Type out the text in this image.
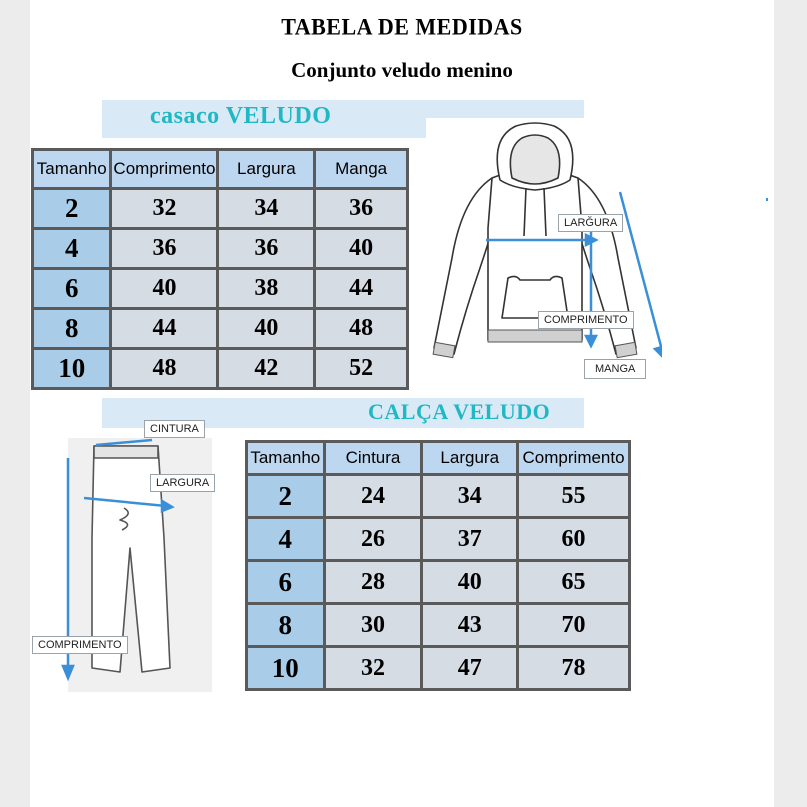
TABELA DE MEDIDAS
Conjunto veludo menino
casaco VELUDO
Tamanho	Comprimento	Largura	Manga
2	32	34	36
4	36	36	40
6	40	38	44
8	44	40	48
10	48	42	52
LARĞURA
COMPRIMENTO
MANGA
CALÇA VELUDO
CINTURA
LARGURA
COMPRIMENTO
Tamanho	Cintura	Largura	Comprimento
2	24	34	55
4	26	37	60
6	28	40	65
8	30	43	70
10	32	47	78
